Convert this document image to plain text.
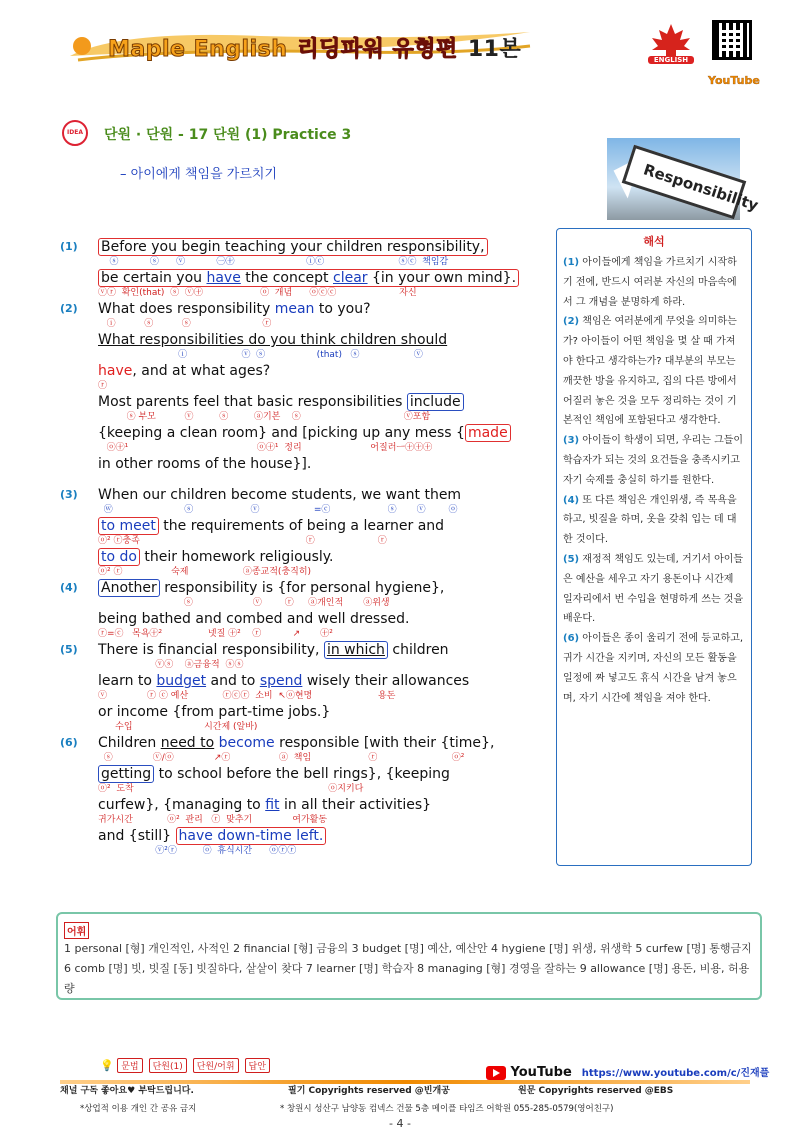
Maple English 리딩파워 유형편 11본	ENGLISH
YouTube
IDEA	단원 · 단원 - 17 단원 (1) Practice 3
– 아이에게 책임을 가르치기	Responsibility
(1) Before you begin teaching your children responsibility,
ⓢ           ⓢ      ⓥ           ㊀㊉                         ⓘⓒ                          ⓢⓒ  책임감
be certain you have the concept clear {in your own mind}.
ⓥⓡ  확인(that)  ⓢ  ⓥ㊉                    ⓞ  개념      ⓞⓒⓒ                      자신
(2) What does responsibility mean to you?
ⓘ          ⓢ          ⓢ                         ⓡ
What responsibilities do you think children should
ⓘ                   ⓥ  ⓢ                  (that)   ⓢ                   ⓥ
have, and at what ages?
ⓡ
Most parents feel that basic responsibilities include
ⓢ 부모          ⓥ         ⓢ         ⓐ기본    ⓢ                                    ⓥ포함
{keeping a clean room} and [picking up any mess { made
ⓞ㊉¹                                             ⓞ㊉¹  정리                        어질러ㅡ㊉㊉㊉
in other rooms of the house}].
(3) When our children become students, we want them
ⓦ                         ⓢ                    ⓥ                   =ⓒ                    ⓢ       ⓥ        ⓞ
to meet the requirements of being a learner and
ⓞ² ⓡ충족                                                          ⓡ                      ⓡ
to do their homework religiously.
ⓞ² ⓡ                 숙제                   ⓐ종교적(충직히)
(4) Another responsibility is {for personal hygiene},
ⓢ                     ⓥ        ⓡ     ⓐ개인적       ⓐ위생
being bathed and combed and well dressed.
ⓡ=ⓒ   목욕㊉²                넷질 ㊉²    ⓡ           ↗       ㊉²
(5) There is financial responsibility, in which children
ⓥⓢ    ⓐ금융적  ⓢⓢ
learn to budget and to spend wisely their allowances
ⓥ              ⓡ ⓒ 예산            ⓡⓒⓡ  소비  ↖ⓞ현명                       용돈
or income {from part-time jobs.}
수입                         시간제 (알바)
(6) Children need to become responsible [with their {time},
ⓢ              ⓥ/ⓞ              ↗ⓡ                 ⓐ  책임                    ⓡ                          ⓞ²
getting to school before the bell rings}, {keeping
ⓞ²  도착                                                                    ⓞ지키다
curfew}, {managing to fit in all their activities}
귀가시간            ⓞ²  관리   ⓡ  맞추기              여가활동
and {still} have down-time left.
ⓥ²ⓡ         ⓞ  휴식시간      ⓞⓡⓡ
해석
(1) 아이들에게 책임을 가르치기 시작하기 전에, 반드시 여러분 자신의 마음속에서 그 개념을 분명하게 하라.
(2) 책임은 여러분에게 무엇을 의미하는가? 아이들이 어떤 책임을 몇 살 때 가져야 한다고 생각하는가? 대부분의 부모는 깨끗한 방을 유지하고, 집의 다른 방에서 어질러 놓은 것을 모두 정리하는 것이 기본적인 책임에 포함된다고 생각한다.
(3) 아이들이 학생이 되면, 우리는 그들이 학습자가 되는 것의 요건들을 충족시키고 자기 숙제를 충실히 하기를 원한다.
(4) 또 다른 책임은 개인위생, 즉 목욕을 하고, 빗질을 하며, 옷을 갖춰 입는 데 대한 것이다.
(5) 재정적 책임도 있는데, 거기서 아이들은 예산을 세우고 자기 용돈이나 시간제 일자리에서 번 수입을 현명하게 쓰는 것을 배운다.
(6) 아이들은 종이 울리기 전에 등교하고, 귀가 시간을 지키며, 자신의 모든 활동을 일정에 짜 넣고도 휴식 시간을 남겨 놓으며, 자기 시간에 책임을 져야 한다.
어휘
1 personal [형] 개인적인, 사적인 2 financial [형] 금융의 3 budget [명] 예산, 예산안 4 hygiene [명] 위생, 위생학 5 curfew [명] 통행금지 6 comb [명] 빗, 빗질 [동] 빗질하다, 샅샅이 찾다 7 learner [명] 학습자 8 managing [형] 경영을 잘하는 9 allowance [명] 용돈, 비용, 허용량
💡 문법 단원(1) 단원/어휘 답안	YouTube https://www.youtube.com/c/진재플
채널 구독 좋아요♥ 부탁드립니다.	필기 Copyrights reserved @빈개공	원문 Copyrights reserved @EBS
*상업적 이용 개인 간 공유 금지	* 창원시 성산구 남양동 컴넥스 건물 5층 메이플 타임즈 어학원 055-285-0579(영어친구)
- 4 -
